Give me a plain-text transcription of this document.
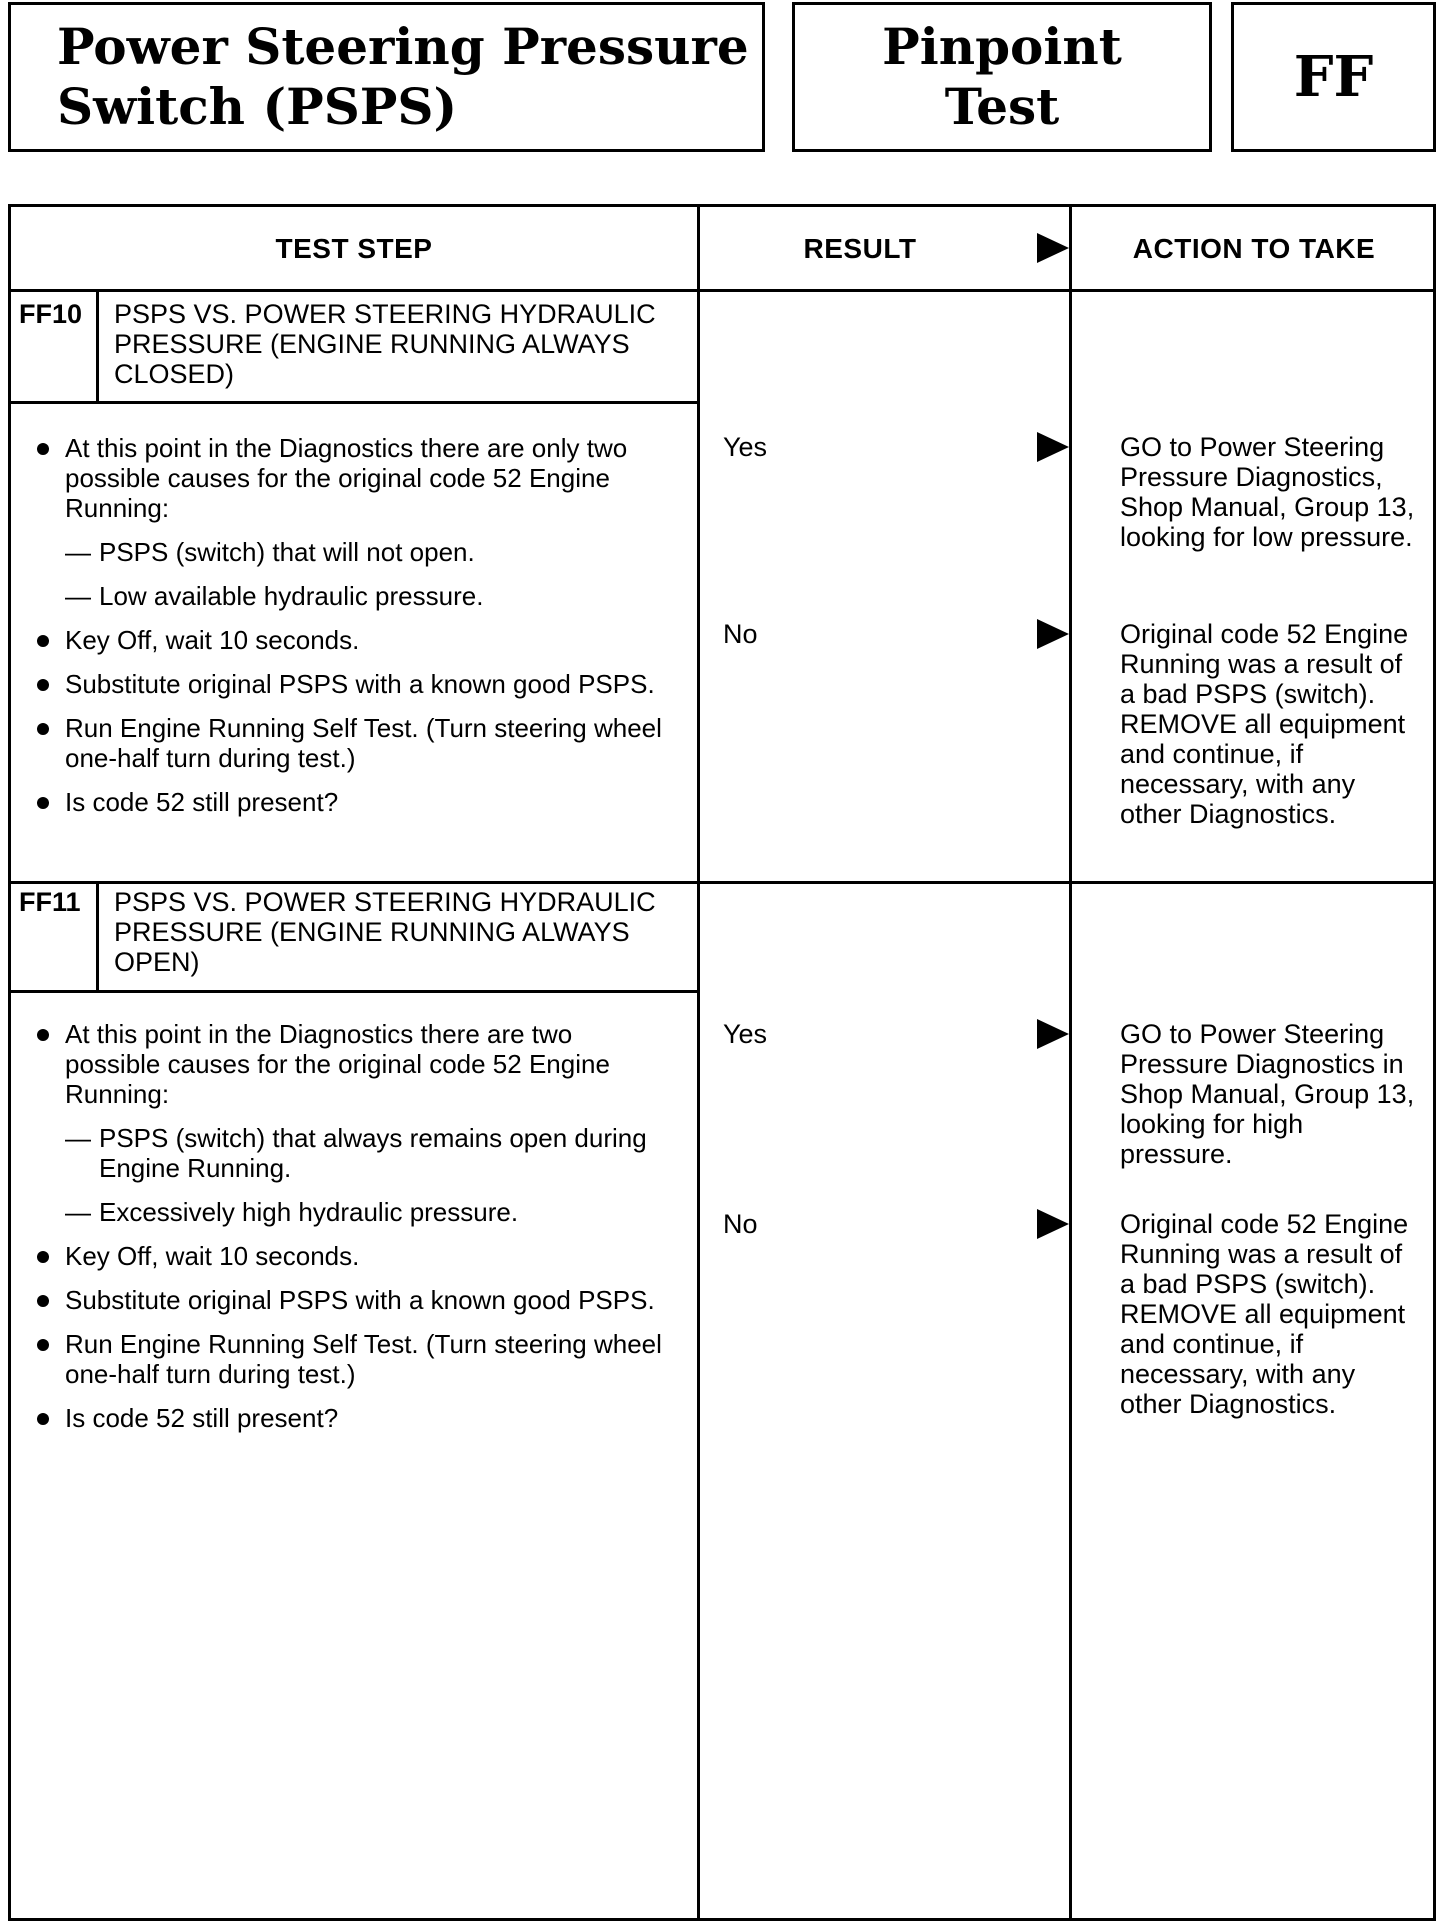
Power Steering Pressure
Switch (PSPS)
Pinpoint
Test	FF
TEST STEP	RESULT	ACTION TO TAKE
FF10 PSPS VS. POWER STEERING HYDRAULIC PRESSURE (ENGINE RUNNING ALWAYS CLOSED)
At this point in the Diagnostics there are only two possible causes for the original code 52 Engine Running:
— PSPS (switch) that will not open.
— Low available hydraulic pressure.
Key Off, wait 10 seconds.
Substitute original PSPS with a known good PSPS.
Run Engine Running Self Test. (Turn steering wheel one-half turn during test.)
Is code 52 still present?
Yes	GO to Power Steering Pressure Diagnostics, Shop Manual, Group 13, looking for low pressure.
No	Original code 52 Engine Running was a result of a bad PSPS (switch). REMOVE all equipment and continue, if necessary, with any other Diagnostics.
FF11 PSPS VS. POWER STEERING HYDRAULIC PRESSURE (ENGINE RUNNING ALWAYS OPEN)
At this point in the Diagnostics there are two possible causes for the original code 52 Engine Running:
— PSPS (switch) that always remains open during Engine Running.
— Excessively high hydraulic pressure.
Key Off, wait 10 seconds.
Substitute original PSPS with a known good PSPS.
Run Engine Running Self Test. (Turn steering wheel one-half turn during test.)
Is code 52 still present?
Yes	GO to Power Steering Pressure Diagnostics in Shop Manual, Group 13, looking for high pressure.
No	Original code 52 Engine Running was a result of a bad PSPS (switch). REMOVE all equipment and continue, if necessary, with any other Diagnostics.
